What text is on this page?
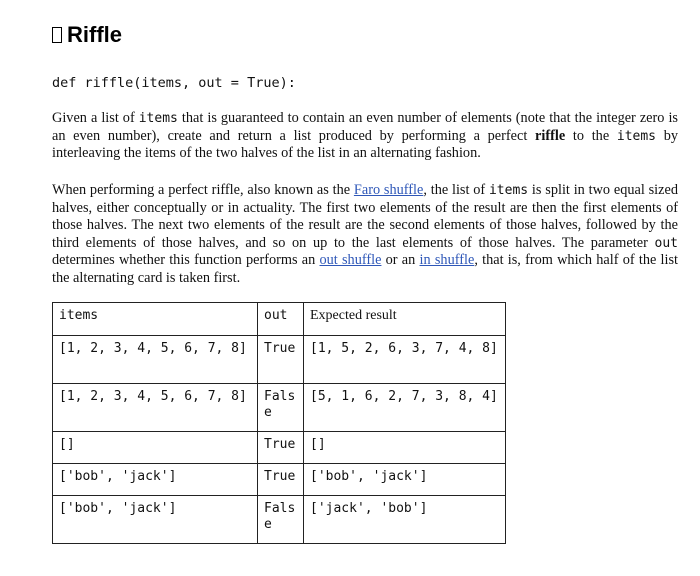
Riffle
def riffle(items, out = True):

Given a list of items that is guaranteed to contain an even number of elements (note that the integer zero is an even number), create and return a list produced by performing a perfect riffle to the items by interleaving the items of the two halves of the list in an alternating fashion.

When performing a perfect riffle, also known as the Faro shuffle, the list of items is split in two equal sized halves, either conceptually or in actuality. The first two elements of the result are then the first elements of those halves. The next two elements of the result are the second elements of those halves, followed by the third elements of those halves, and so on up to the last elements of those halves. The parameter out determines whether this function performs an out shuffle or an in shuffle, that is, from which half of the list the alternating card is taken first.

items	out	Expected result
[1, 2, 3, 4, 5, 6, 7, 8]	True	[1, 5, 2, 6, 3, 7, 4, 8]
[1, 2, 3, 4, 5, 6, 7, 8]	False	[5, 1, 6, 2, 7, 3, 8, 4]
[]	True	[]
['bob', 'jack']	True	['bob', 'jack']
['bob', 'jack']	False	['jack', 'bob']
